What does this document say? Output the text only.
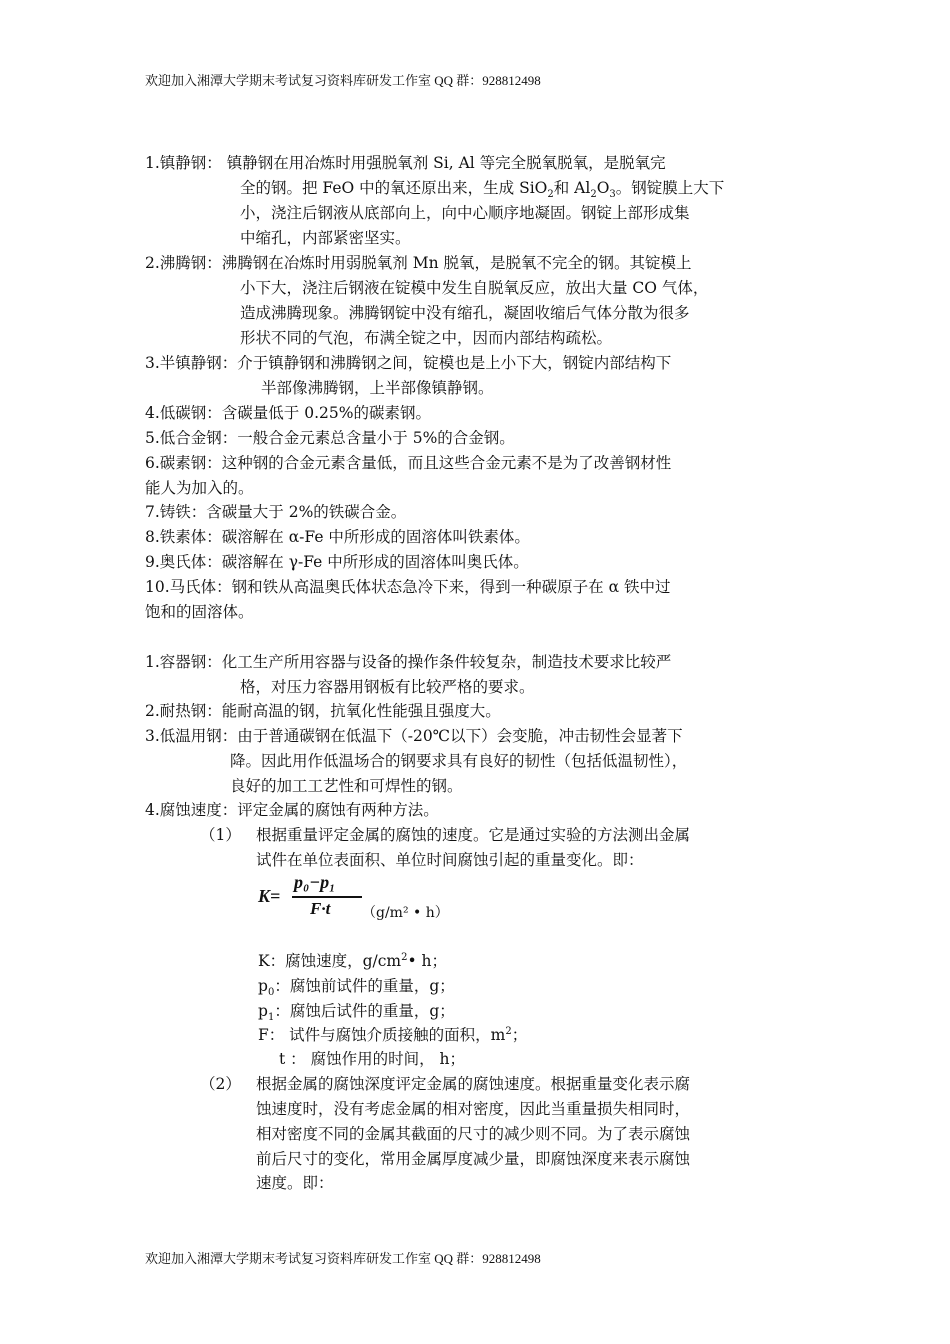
欢迎加入湘潭大学期末考试复习资料库研发工作室 QQ 群：928812498
1.镇静钢： 镇静钢在用冶炼时用强脱氧剂 Si, Al 等完全脱氧脱氧，是脱氧完
全的钢。把 FeO 中的氧还原出来，生成 SiO$_2$和 $Al_2O_3$。钢锭膜上大下
小，浇注后钢液从底部向上，向中心顺序地凝固。钢锭上部形成集
中缩孔，内部紧密坚实。
2.沸腾钢：沸腾钢在冶炼时用弱脱氧剂 Mn 脱氧，是脱氧不完全的钢。其锭模上
小下大，浇注后钢液在锭模中发生自脱氧反应，放出大量 CO 气体，
造成沸腾现象。沸腾钢锭中没有缩孔，凝固收缩后气体分散为很多
形状不同的气泡，布满全锭之中，因而内部结构疏松。
3.半镇静钢：介于镇静钢和沸腾钢之间，锭模也是上小下大，钢锭内部结构下
半部像沸腾钢，上半部像镇静钢。
4.低碳钢：含碳量低于 0.25%的碳素钢。
5.低合金钢：一般合金元素总含量小于 5%的合金钢。
6.碳素钢：这种钢的合金元素含量低，而且这些合金元素不是为了改善钢材性
能人为加入的。
7.铸铁：含碳量大于 2%的铁碳合金。
8.铁素体：碳溶解在 α-Fe 中所形成的固溶体叫铁素体。
9.奥氏体：碳溶解在 γ-Fe 中所形成的固溶体叫奥氏体。
10.马氏体：钢和铁从高温奥氏体状态急冷下来，得到一种碳原子在 α 铁中过
饱和的固溶体。
1.容器钢：化工生产所用容器与设备的操作条件较复杂，制造技术要求比较严
格，对压力容器用钢板有比较严格的要求。
2.耐热钢：能耐高温的钢，抗氧化性能强且强度大。
3.低温用钢：由于普通碳钢在低温下（-20℃以下）会变脆，冲击韧性会显著下
降。因此用作低温场合的钢要求具有良好的韧性（包括低温韧性），
良好的加工工艺性和可焊性的钢。
4.腐蚀速度：评定金属的腐蚀有两种方法。
（1） 根据重量评定金属的腐蚀的速度。它是通过实验的方法测出金属
试件在单位表面积、单位时间腐蚀引起的重量变化。即：
K=
p₀−p₁
F·t （g/m² • h）
K：腐蚀速度，$g/cm^2•$ h；
$p_0$：腐蚀前试件的重量，g；
$p_1$：腐蚀后试件的重量，g；
F： 试件与腐蚀介质接触的面积，$m^2$；
t ： 腐蚀作用的时间， h；
（2） 根据金属的腐蚀深度评定金属的腐蚀速度。根据重量变化表示腐
蚀速度时，没有考虑金属的相对密度，因此当重量损失相同时，
相对密度不同的金属其截面的尺寸的减少则不同。为了表示腐蚀
前后尺寸的变化，常用金属厚度减少量，即腐蚀深度来表示腐蚀
速度。即：
欢迎加入湘潭大学期末考试复习资料库研发工作室 QQ 群：928812498
